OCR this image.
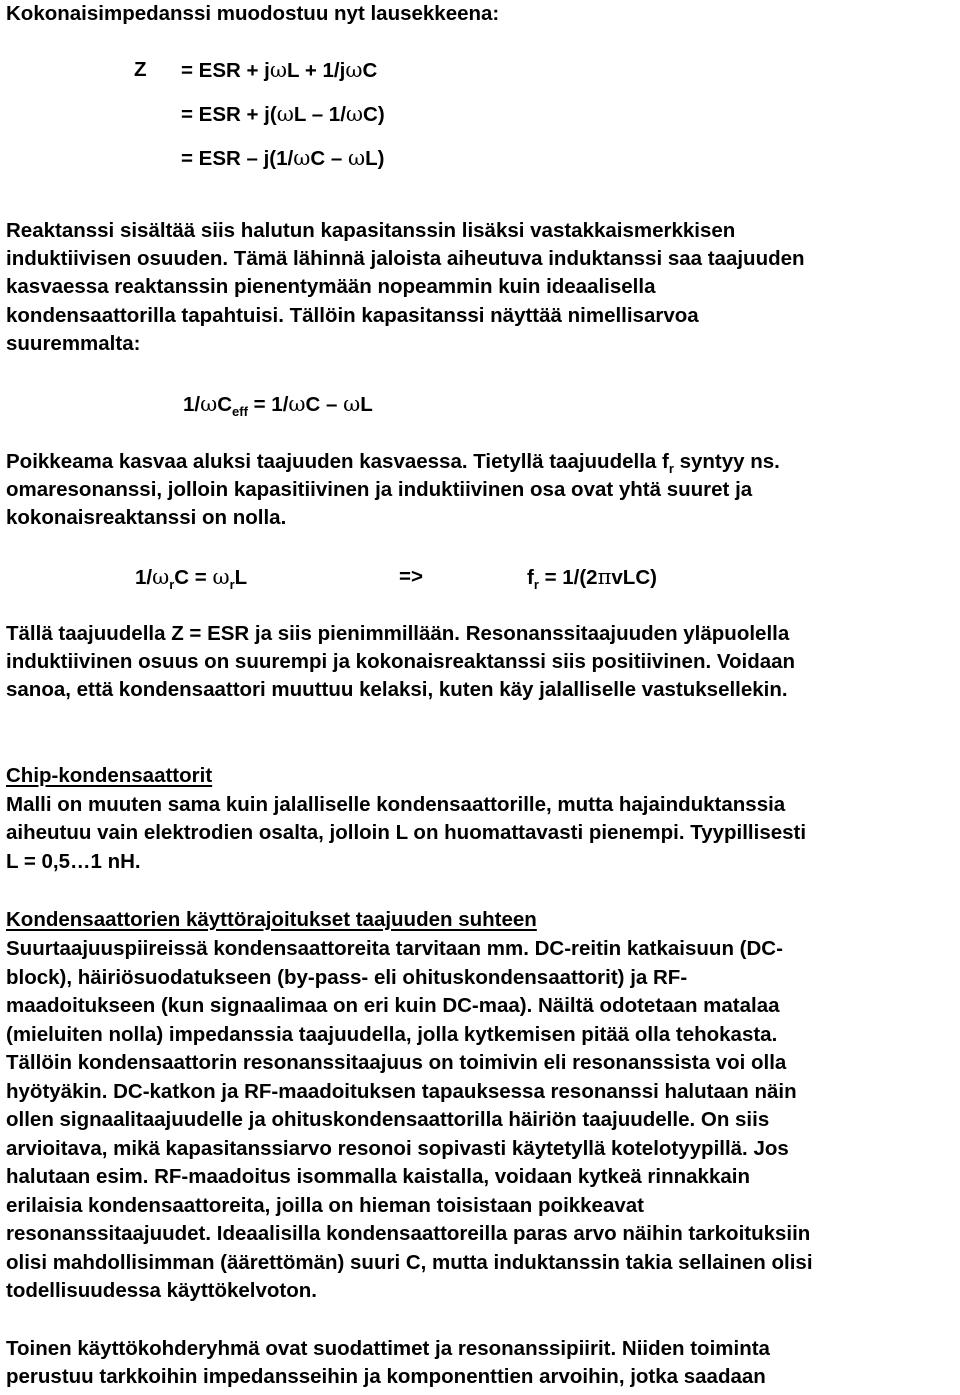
Kokonaisimpedanssi muodostuu nyt lausekkeena:
Z = ESR + jωL + 1/jωC
= ESR + j(ωL – 1/ωC)
= ESR – j(1/ωC – ωL)
Reaktanssi sisältää siis halutun kapasitanssin lisäksi vastakkaismerkkisen
induktiivisen osuuden. Tämä lähinnä jaloista aiheutuva induktanssi saa taajuuden
kasvaessa reaktanssin pienentymään nopeammin kuin ideaalisella
kondensaattorilla tapahtuisi. Tällöin kapasitanssi näyttää nimellisarvoa
suuremmalta:
$1/\omega C_{eff} = 1/\omega C - \omega L$
Poikkeama kasvaa aluksi taajuuden kasvaessa. Tietyllä taajuudella $f_r$ syntyy ns.
omaresonanssi, jolloin kapasitiivinen ja induktiivinen osa ovat yhtä suuret ja
kokonaisreaktanssi on nolla.
$1/\omega_rC = \omega_rL$	=>	$f_r = 1/(2\pi vLC)$
Tällä taajuudella Z = ESR ja siis pienimmillään. Resonanssitaajuuden yläpuolella
induktiivinen osuus on suurempi ja kokonaisreaktanssi siis positiivinen. Voidaan
sanoa, että kondensaattori muuttuu kelaksi, kuten käy jalalliselle vastuksellekin.
Chip-kondensaattorit
Malli on muuten sama kuin jalalliselle kondensaattorille, mutta hajainduktanssia
aiheutuu vain elektrodien osalta, jolloin L on huomattavasti pienempi. Tyypillisesti
L = 0,5…1 nH.
Kondensaattorien käyttörajoitukset taajuuden suhteen
Suurtaajuuspiireissä kondensaattoreita tarvitaan mm. DC-reitin katkaisuun (DC-
block), häiriösuodatukseen (by-pass- eli ohituskondensaattorit) ja RF-
maadoitukseen (kun signaalimaa on eri kuin DC-maa). Näiltä odotetaan matalaa
(mieluiten nolla) impedanssia taajuudella, jolla kytkemisen pitää olla tehokasta.
Tällöin kondensaattorin resonanssitaajuus on toimivin eli resonanssista voi olla
hyötyäkin. DC-katkon ja RF-maadoituksen tapauksessa resonanssi halutaan näin
ollen signaalitaajuudelle ja ohituskondensaattorilla häiriön taajuudelle. On siis
arvioitava, mikä kapasitanssiarvo resonoi sopivasti käytetyllä kotelotyypillä. Jos
halutaan esim. RF-maadoitus isommalla kaistalla, voidaan kytkeä rinnakkain
erilaisia kondensaattoreita, joilla on hieman toisistaan poikkeavat
resonanssitaajuudet. Ideaalisilla kondensaattoreilla paras arvo näihin tarkoituksiin
olisi mahdollisimman (äärettömän) suuri C, mutta induktanssin takia sellainen olisi
todellisuudessa käyttökelvoton.
Toinen käyttökohderyhmä ovat suodattimet ja resonanssipiirit. Niiden toiminta
perustuu tarkkoihin impedansseihin ja komponenttien arvoihin, jotka saadaan
